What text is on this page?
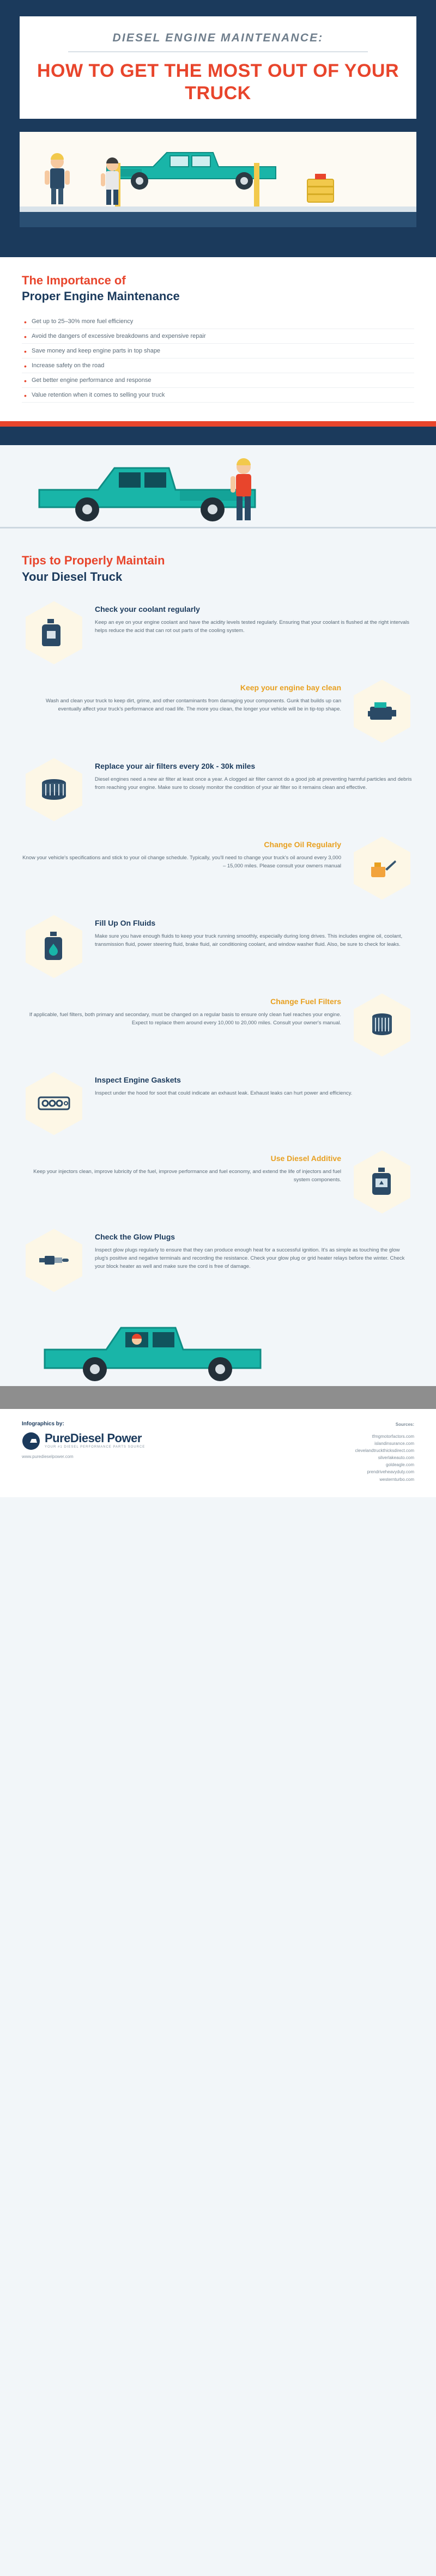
DIESEL ENGINE MAINTENANCE:
HOW TO GET THE MOST OUT OF YOUR TRUCK
The Importance of
Proper Engine Maintenance
• Get up to 25–30% more fuel efficiency
• Avoid the dangers of excessive breakdowns and expensive repair
• Save money and keep engine parts in top shape
• Increase safety on the road
• Get better engine performance and response
• Value retention when it comes to selling your truck
Tips to Properly Maintain
Your Diesel Truck
Check your coolant regularly
Keep an eye on your engine coolant and have the acidity levels tested regularly. Ensuring that your coolant is flushed at the right intervals helps reduce the acid that can rot out parts of the cooling system.
Keep your engine bay clean
Wash and clean your truck to keep dirt, grime, and other contaminants from damaging your components. Gunk that builds up can eventually affect your truck's performance and road life. The more you clean, the longer your vehicle will be in tip-top shape.
Replace your air filters every 20k - 30k miles
Diesel engines need a new air filter at least once a year. A clogged air filter cannot do a good job at preventing harmful particles and debris from reaching your engine. Make sure to closely monitor the condition of your air filter so it remains clean and effective.
Change Oil Regularly
Know your vehicle's specifications and stick to your oil change schedule. Typically, you'll need to change your truck's oil around every 3,000 – 15,000 miles. Please consult your owners manual
Fill Up On Fluids
Make sure you have enough fluids to keep your truck running smoothly, especially during long drives. This includes engine oil, coolant, transmission fluid, power steering fluid, brake fluid, air conditioning coolant, and window washer fluid. Also, be sure to check for leaks.
Change Fuel Filters
If applicable, fuel filters, both primary and secondary, must be changed on a regular basis to ensure only clean fuel reaches your engine. Expect to replace them around every 10,000 to 20,000 miles. Consult your owner's manual.
Inspect Engine Gaskets
Inspect under the hood for soot that could indicate an exhaust leak. Exhaust leaks can hurt power and efficiency.
Use Diesel Additive
Keep your injectors clean, improve lubricity of the fuel, improve performance and fuel economy, and extend the life of injectors and fuel system components.
Check the Glow Plugs
Inspect glow plugs regularly to ensure that they can produce enough heat for a successful ignition. It's as simple as touching the glow plug's positive and negative terminals and recording the resistance. Check your glow plug or grid heater relays before the winter. Check your block heater as well and make sure the cord is free of damage.
Infographics by:
PureDiesel Power
YOUR #1 DIESEL PERFORMANCE PARTS SOURCE
www.puredieselpower.com
Sources:
tfmgmotorfactors.com
islandinsurance.com
clevelandtruckthicksdirect.com
silverlakeauto.com
goldeagle.com
prendriveheavyduty.com
westernturbo.com
